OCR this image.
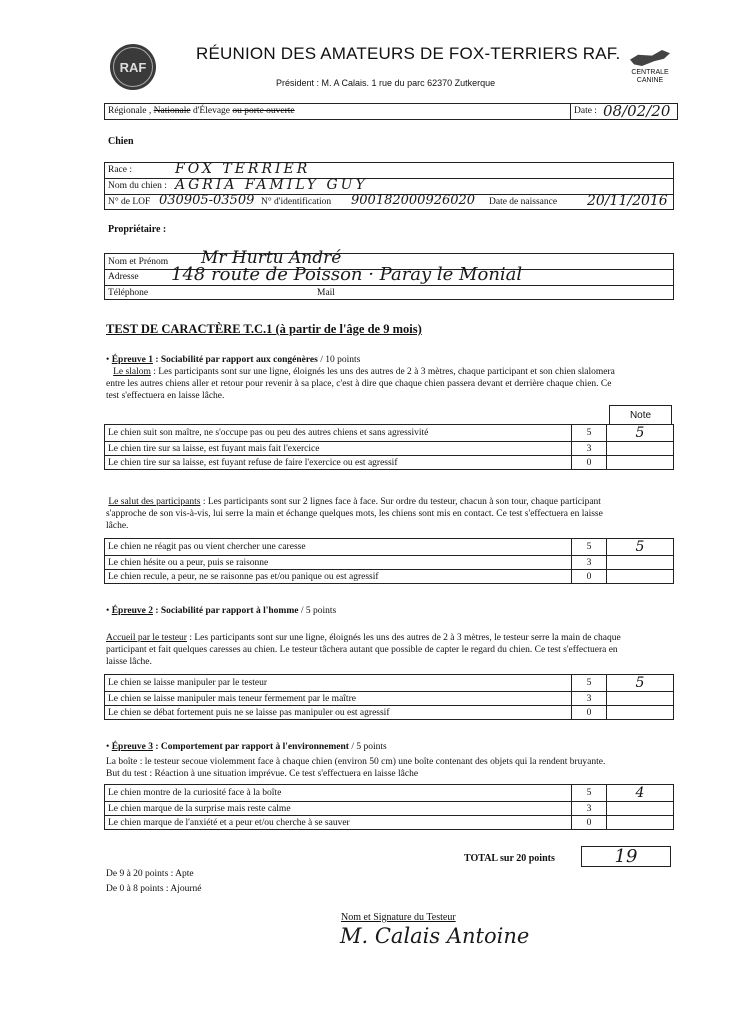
RAF
RÉUNION DES AMATEURS DE FOX-TERRIERS RAF.
Président : M. A Calais. 1 rue du parc 62370 Zutkerque
CENTRALE CANINE
Régionale , Nationale d'Élevage ou porte ouverte	Date : 08/02/20
Chien
Race :	FOX TERRIER
Nom du chien : AGRIA FAMILY GUY
N° de LOF 030905-03509 N° d'identification 900182000926020 Date de naissance 20/11/2016
Propriétaire :
Nom et Prénom Mr Hurtu André
Adresse 148 route de Poisson · Paray le Monial
Téléphone	Mail
TEST DE CARACTÈRE T.C.1 (à partir de l'âge de 9 mois)
• Épreuve 1 : Sociabilité par rapport aux congénères / 10 points
Le slalom : Les participants sont sur une ligne, éloignés les uns des autres de 2 à 3 mètres, chaque participant et son chien slalomera
entre les autres chiens aller et retour pour revenir à sa place, c'est à dire que chaque chien passera devant et derrière chaque chien. Ce
test s'effectuera en laisse lâche.
Note
Le chien suit son maître, ne s'occupe pas ou peu des autres chiens et sans agressivité	5	5
Le chien tire sur sa laisse, est fuyant mais fait l'exercice	3	
Le chien tire sur sa laisse, est fuyant refuse de faire l'exercice ou est agressif	0	
Le salut des participants : Les participants sont sur 2 lignes face à face. Sur ordre du testeur, chacun à son tour, chaque participant
s'approche de son vis-à-vis, lui serre la main et échange quelques mots, les chiens sont mis en contact. Ce test s'effectuera en laisse
lâche.
Le chien ne réagit pas ou vient chercher une caresse	5	5
Le chien hésite ou a peur, puis se raisonne	3	
Le chien recule, a peur, ne se raisonne pas et/ou panique ou est agressif	0	
• Épreuve 2 : Sociabilité par rapport à l'homme / 5 points
Accueil par le testeur : Les participants sont sur une ligne, éloignés les uns des autres de 2 à 3 mètres, le testeur serre la main de chaque
participant et fait quelques caresses au chien. Le testeur tâchera autant que possible de capter le regard du chien. Ce test s'effectuera en
laisse lâche.
Le chien se laisse manipuler par le testeur	5	5
Le chien se laisse manipuler mais teneur fermement par le maître	3	
Le chien se débat fortement puis ne se laisse pas manipuler ou est agressif	0	
• Épreuve 3 : Comportement par rapport à l'environnement / 5 points
La boîte : le testeur secoue violemment face à chaque chien (environ 50 cm) une boîte contenant des objets qui la rendent bruyante.
But du test : Réaction à une situation imprévue. Ce test s'effectuera en laisse lâche
Le chien montre de la curiosité face à la boîte	5	4
Le chien marque de la surprise mais reste calme	3	
Le chien marque de l'anxiété et a peur et/ou cherche à se sauver	0	
TOTAL sur 20 points	19
De 9 à 20 points : Apte
De 0 à 8 points : Ajourné
Nom et Signature du Testeur
M. Calais Antoine
